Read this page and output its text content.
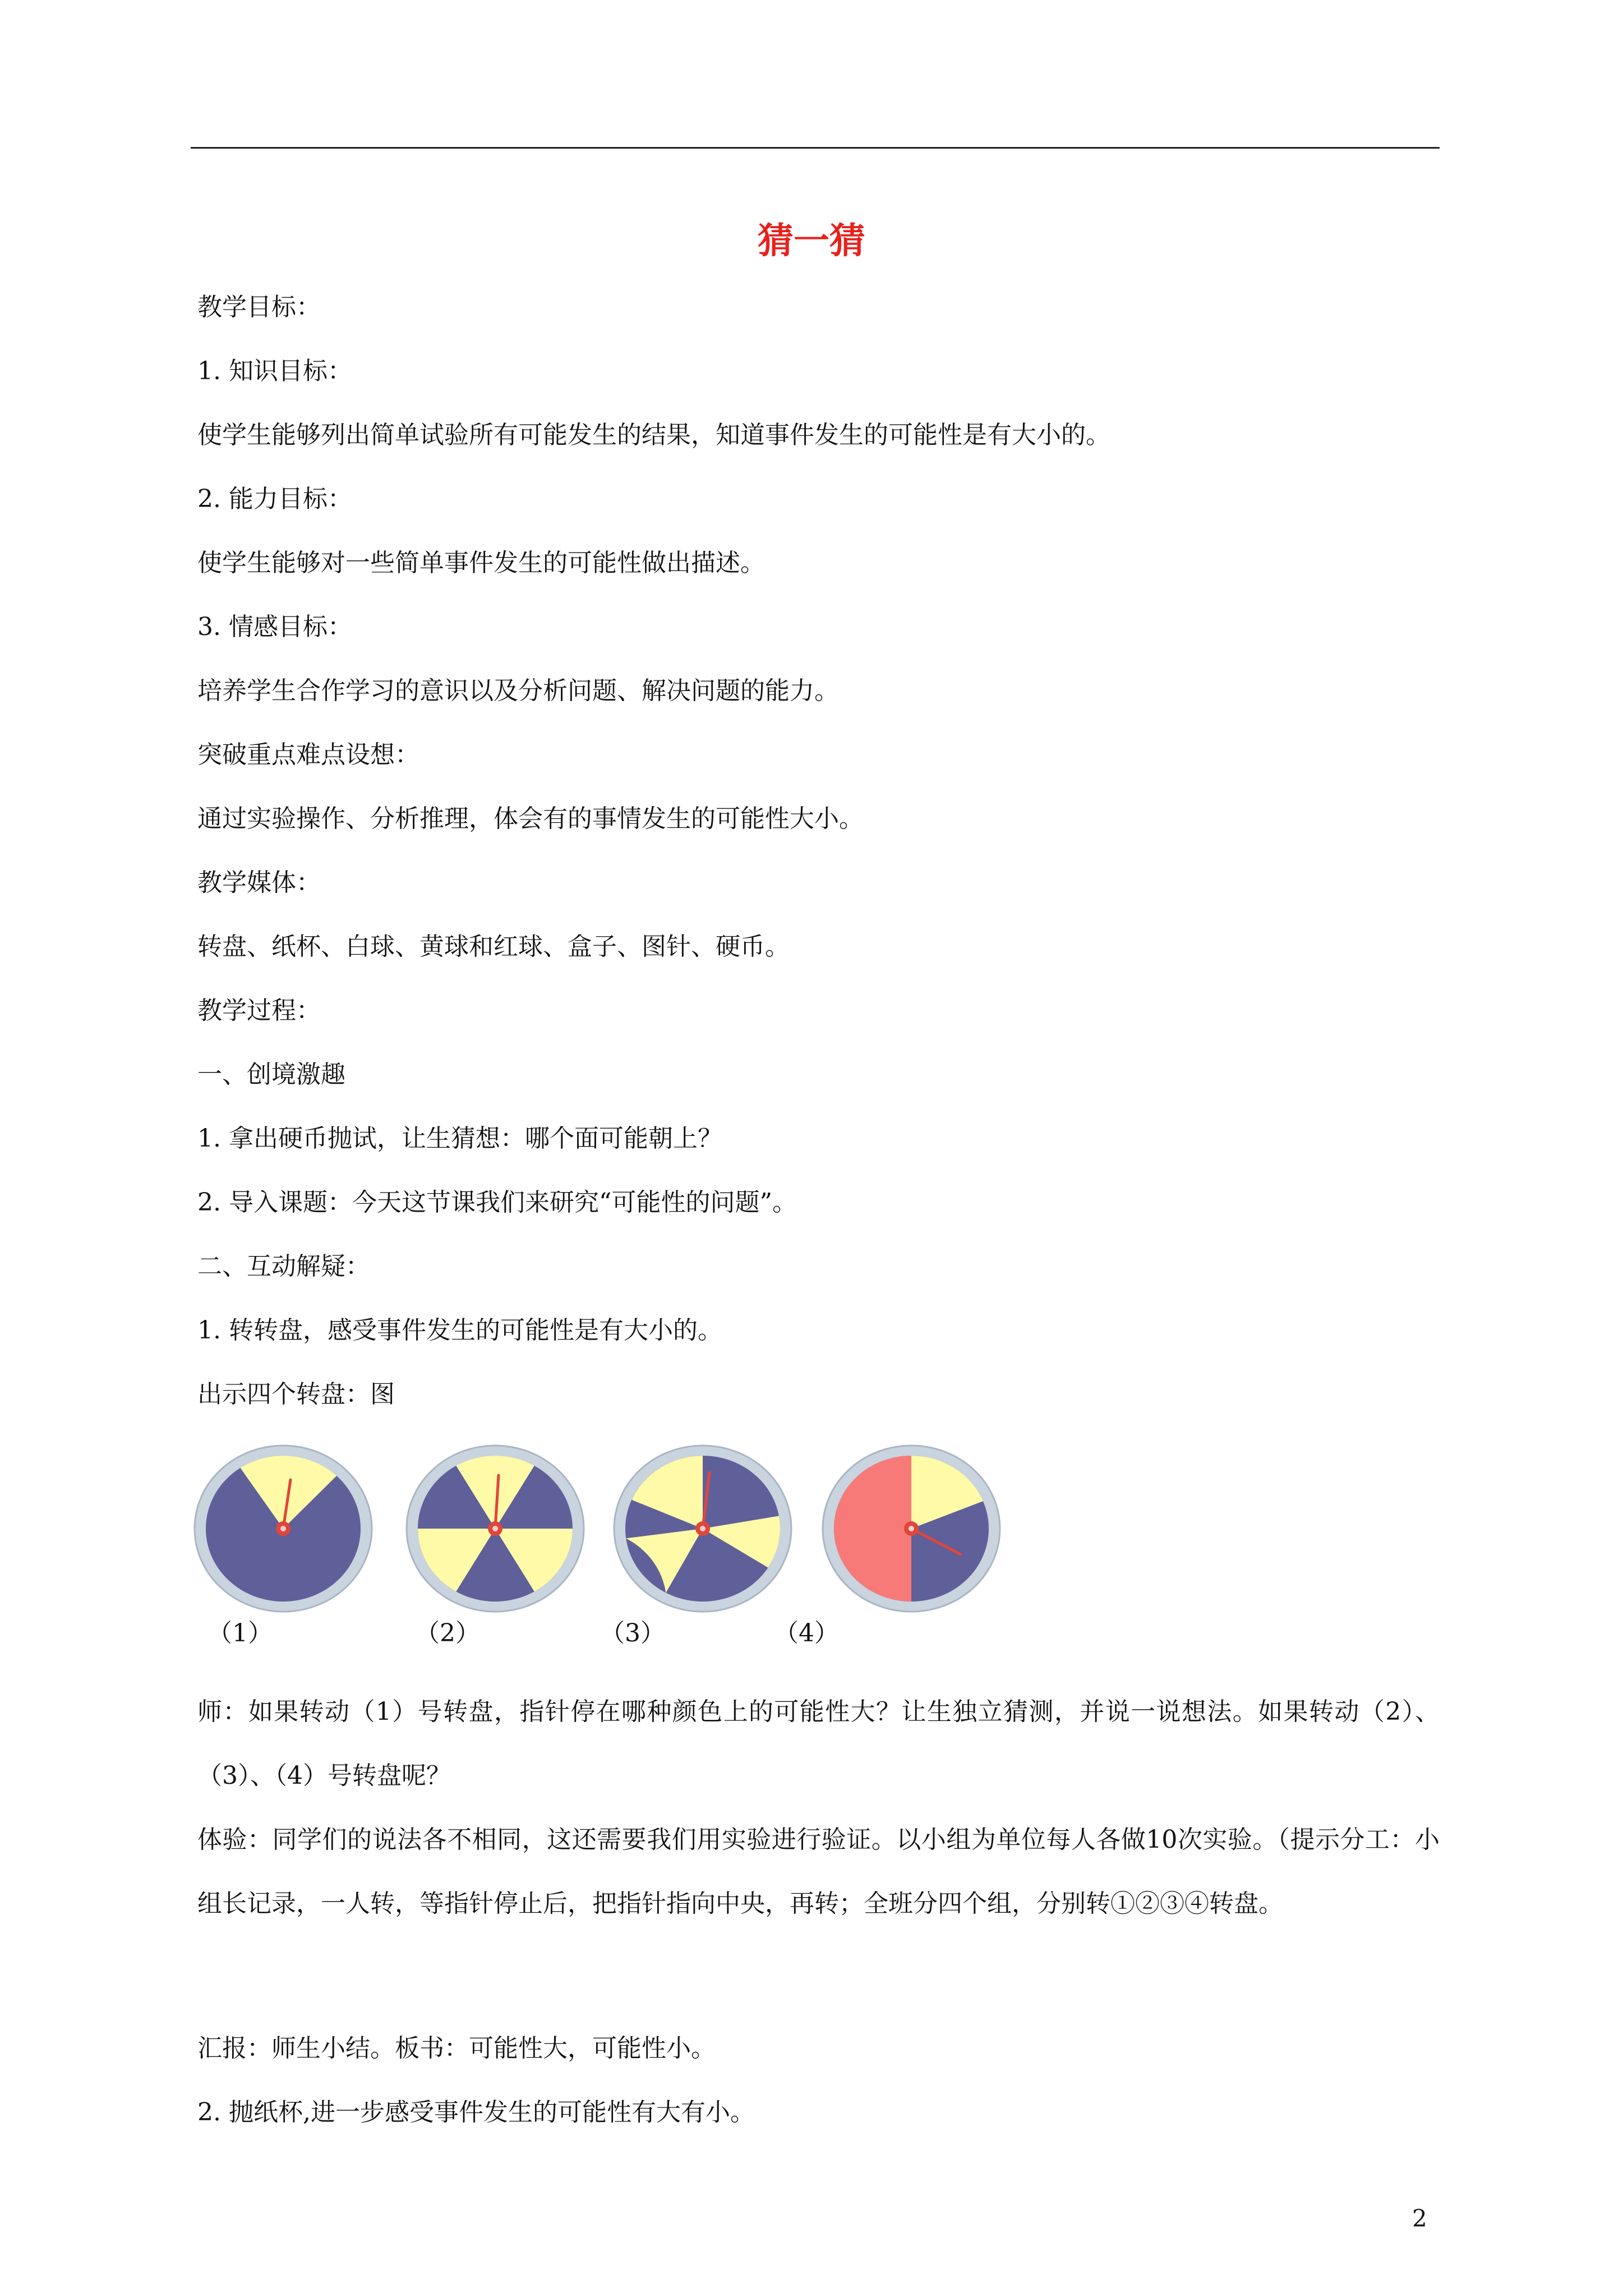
猜一猜
教学目标：
1. 知识目标：
使学生能够列出简单试验所有可能发生的结果，知道事件发生的可能性是有大小的。
2. 能力目标：
使学生能够对一些简单事件发生的可能性做出描述。
3. 情感目标：
培养学生合作学习的意识以及分析问题、解决问题的能力。
突破重点难点设想：
通过实验操作、分析推理，体会有的事情发生的可能性大小。
教学媒体：
转盘、纸杯、白球、黄球和红球、盒子、图针、硬币。
教学过程：
一、创境激趣
1. 拿出硬币抛试，让生猜想：哪个面可能朝上？
2. 导入课题：今天这节课我们来研究“可能性的问题”。
二、互动解疑：
1. 转转盘，感受事件发生的可能性是有大小的。
出示四个转盘：图
（1）	（2）	（3）	（4）
师：如果转动（1）号转盘，指针停在哪种颜色上的可能性大？让生独立猜测，并说一说想法。如果转动（2）、（3）、（4）号转盘呢？
体验：同学们的说法各不相同，这还需要我们用实验进行验证。以小组为单位每人各做10次实验。（提示分工：小组长记录，一人转，等指针停止后，把指针指向中央，再转；全班分四个组，分别转①②③④转盘。
汇报：师生小结。板书：可能性大，可能性小。
2. 抛纸杯,进一步感受事件发生的可能性有大有小。
2
